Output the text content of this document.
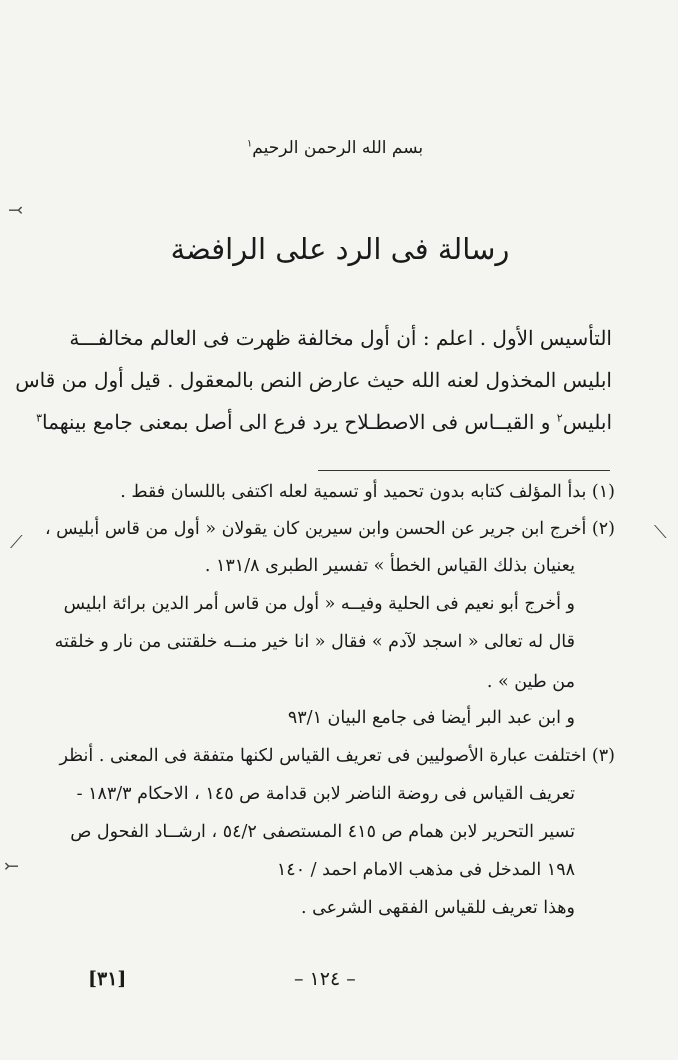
بسم الله الرحمن الرحيم$^١$
رسالة فى الرد على الرافضة
التأسيس الأول . اعلم : أن أول مخالفة ظهرت فى العالم مخالفـــة
ابليس المخذول لعنه الله حيث عارض النص بالمعقول . قيل أول من قاس
ابليس$^٢$ و القيــاس فى الاصطـلاح يرد فرع الى أصل بمعنى جامع بينهما$^٣$
(١) بدأ المؤلف كتابه بدون تحميد أو تسمية لعله اكتفى باللسان فقط .
(٢) أخرج ابن جرير عن الحسن وابن سيرين كان يقولان « أول من قاس أبليس ،
يعنيان بذلك القياس الخطأ » تفسير الطبرى ١٣١/٨ .
و أخرج أبو نعيم فى الحلية وفيــه « أول من قاس أمر الدين برائة ابليس
قال له تعالى « اسجد لآدم » فقال « انا خير منــه خلقتنى من نار و خلقته
من طين » .
و ابن عبد البر أيضا فى جامع البيان ٩٣/١
(٣) اختلفت عبارة الأصوليين فى تعريف القياس لكنها متفقة فى المعنى . أنظر
تعريف القياس فى روضة الناضر لابن قدامة ص ١٤٥ ، الاحكام ١٨٣/٣ -
تسير التحرير لابن همام ص ٤١٥ المستصفى ٥٤/٢ ، ارشــاد الفحول ص
١٩٨ المدخل فى مذهب الامام احمد / ١٤٠
وهذا تعريف للقياس الفقهى الشرعى .
– ١٢٤ –
[٣١]
⤙
⟋	⟍
⤚
